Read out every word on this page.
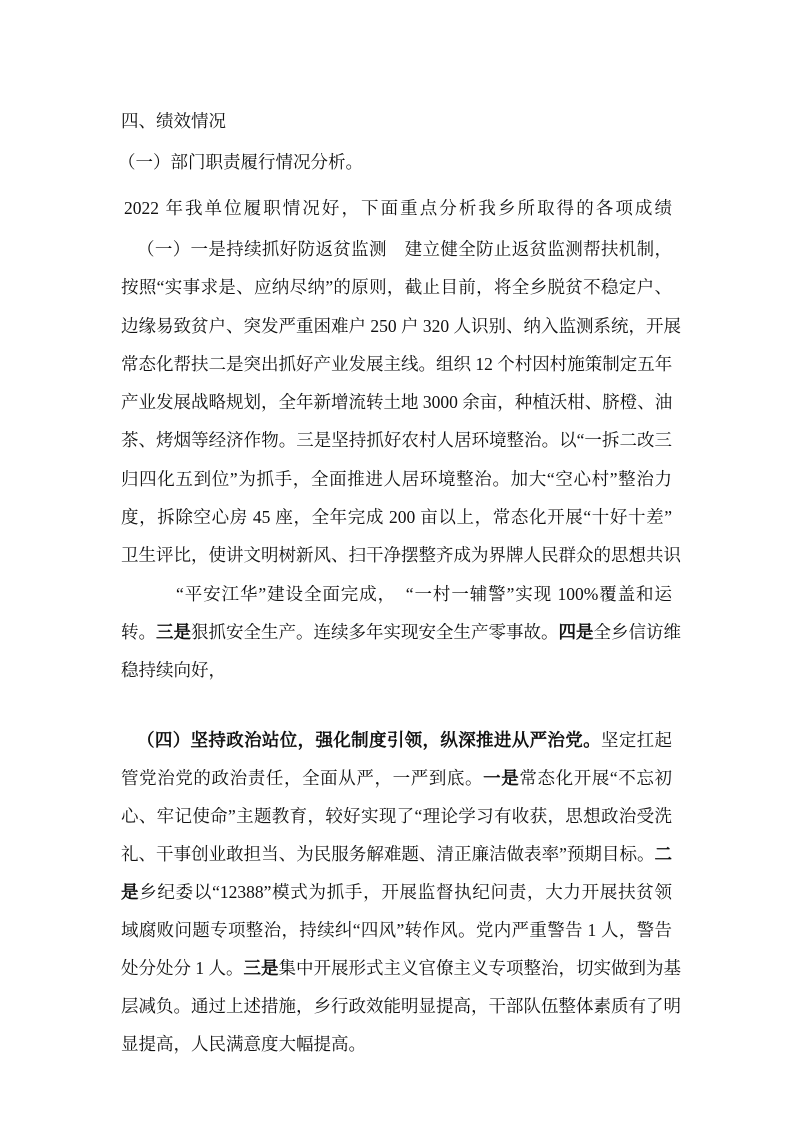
四、绩效情况
（一）部门职责履行情况分析。
2022 年我单位履职情况好，下面重点分析我乡所取得的各项成绩
（一）一是持续抓好防返贫监测　建立健全防止返贫监测帮扶机制，
按照“实事求是、应纳尽纳”的原则，截止目前，将全乡脱贫不稳定户、
边缘易致贫户、突发严重困难户 250 户 320 人识别、纳入监测系统，开展
常态化帮扶二是突出抓好产业发展主线。组织 12 个村因村施策制定五年
产业发展战略规划，全年新增流转土地 3000 余亩，种植沃柑、脐橙、油
茶、烤烟等经济作物。三是坚持抓好农村人居环境整治。以“一拆二改三
归四化五到位”为抓手，全面推进人居环境整治。加大“空心村”整治力
度，拆除空心房 45 座，全年完成 200 亩以上，常态化开展“十好十差”
卫生评比，使讲文明树新风、扫干净摆整齐成为界牌人民群众的思想共识
“平安江华”建设全面完成，　“一村一辅警”实现 100%覆盖和运
转。三是狠抓安全生产。连续多年实现安全生产零事故。四是全乡信访维
稳持续向好，
（四）坚持政治站位，强化制度引领，纵深推进从严治党。坚定扛起
管党治党的政治责任，全面从严，一严到底。一是常态化开展“不忘初
心、牢记使命”主题教育，较好实现了“理论学习有收获，思想政治受洗
礼、干事创业敢担当、为民服务解难题、清正廉洁做表率”预期目标。二
是乡纪委以“12388”模式为抓手，开展监督执纪问责，大力开展扶贫领
域腐败问题专项整治，持续纠“四风”转作风。党内严重警告 1 人，警告
处分处分 1 人。三是集中开展形式主义官僚主义专项整治，切实做到为基
层减负。通过上述措施，乡行政效能明显提高，干部队伍整体素质有了明
显提高，人民满意度大幅提高。
